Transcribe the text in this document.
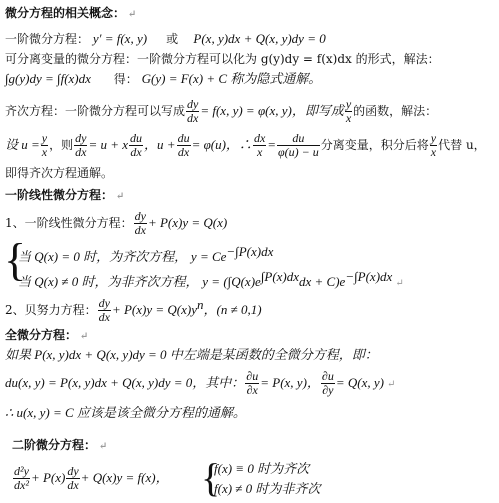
微分方程的相关概念： ↵
一阶微分方程： y′ = f(x, y) 或 P(x, y)dx + Q(x, y)dy = 0
可分离变量的微分方程：一阶微分方程可以化为 g(y)dy = f(x)dx 的形式，解法：
∫g(y)dy = ∫f(x)dx 得： G(y) = F(x) + C 称为隐式通解。
齐次方程：一阶微分方程可以写成 $\frac{dy}{dx} = f(x$, y) = φ(x, y)，即写成 $\frac{y}{x}$ 的函数，解法：
设 $u = \frac{y}{x}$ ，则 $\frac{dy}{dx} = u + x \frac{du}{dx}$ ，$u + \frac{du}{dx} = \varphi(u)$，∴ $\frac{dx}{x} = \frac{du}{\varphi(u) - u}$ 分离变量，积分后将 $\frac{y}{x}$ 代替 u，
即得齐次方程通解。
一阶线性微分方程： ↵
1、一阶线性微分方程： $\frac{dy}{dx} + P(x)y = Q(x)$
{
当 Q(x) = 0 时，为齐次方程， $y = Ce^{-\int P(x)dx}$
当 Q(x) ≠ 0 时，为非齐次方程， $y = (\int Q(x)e^{\int P(x)dx}dx + C)e^{-\int P(x)dx}$ ↵
2、贝努力方程： $\frac{dy}{dx} + P(x)y = Q(x)y^n$，(n ≠ 0,1)
全微分方程： ↵
如果 P(x, y)dx + Q(x, y)dy = 0 中左端是某函数的全微分方程，即：
du(x, y) = P(x, y)dx + Q(x, y)dy = 0，其中： $\frac{\partial u}{\partial x} = P(x$, y)， $\frac{\partial u}{\partial y} = Q(x$, y) ↵
∴ u(x, y) = C 应该是该全微分方程的通解。
二阶微分方程： ↵
$\frac{\text{d²y}}{\text{dx²}} + P(x) \frac{dy}{dx} + Q(x)y = f(x)$， {
f(x) ≡ 0 时为齐次
f(x) ≠ 0 时为非齐次
